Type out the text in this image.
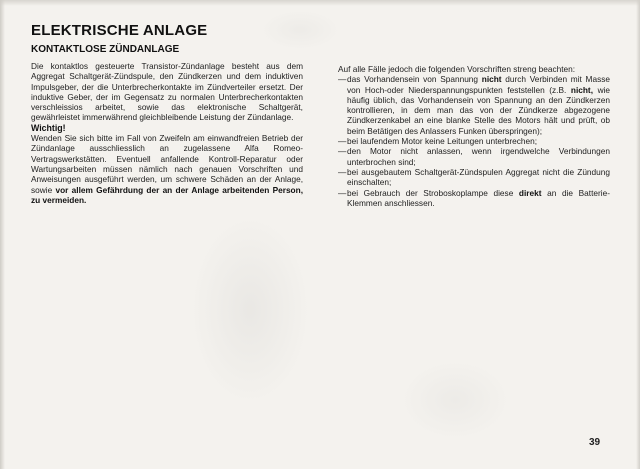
ELEKTRISCHE ANLAGE
KONTAKTLOSE ZÜNDANLAGE

Die kontaktlos gesteuerte Transistor-Zündanlage besteht aus dem Aggregat Schaltgerät-Zündspule, den Zündkerzen und dem induktiven Impulsgeber, der die Unterbrecherkontakte im Zündverteiler ersetzt. Der induktive Geber, der im Gegensatz zu normalen Unterbrecherkontakten verschleissios arbeitet, sowie das elektronische Schaltgerät, gewährleistet immerwährend gleichbleibende Leistung der Zündanlage.

Wichtig!

Wenden Sie sich bitte im Fall von Zweifeln am einwandfreien Betrieb der Zündanlage ausschliesslich an zugelassene Alfa Romeo-Vertragswerkstätten. Eventuell anfallende Kontroll-Reparatur oder Wartungsarbeiten müssen nämlich nach genauen Vorschriften und Anweisungen ausgeführt werden, um schwere Schäden an der Anlage, sowie vor allem Gefährdung der an der Anlage arbeitenden Person, zu vermeiden.

Auf alle Fälle jedoch die folgenden Vorschriften streng beachten:

— das Vorhandensein von Spannung nicht durch Verbinden mit Masse von Hoch-oder Niederspannungspunkten feststellen (z.B. nicht, wie häufig üblich, das Vorhandensein von Spannung an den Zündkerzen kontrollieren, in dem man das von der Zündkerze abgezogene Zündkerzenkabel an eine blanke Stelle des Motors hält und prüft, ob beim Betätigen des Anlassers Funken überspringen);
— bei laufendem Motor keine Leitungen unterbrechen;
— den Motor nicht anlassen, wenn irgendwelche Verbindungen unterbrochen sind;
— bei ausgebautem Schaltgerät-Zündspulen Aggregat nicht die Zündung einschalten;
— bei Gebrauch der Stroboskoplampe diese direkt an die Batterie-Klemmen anschliessen.
39
